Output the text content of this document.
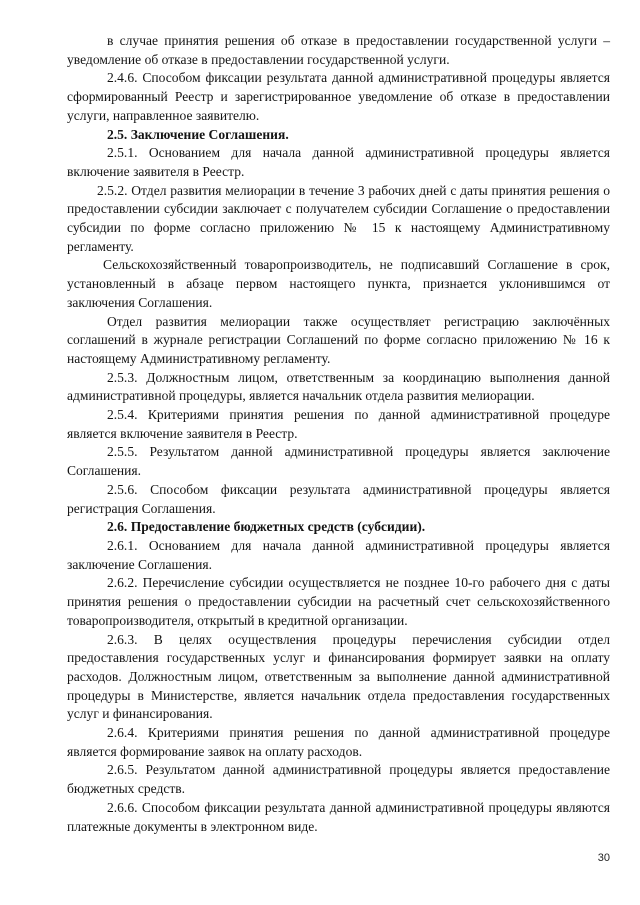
в случае принятия решения об отказе в предоставлении государственной услуги – уведомление об отказе в предоставлении государственной услуги.

2.4.6. Способом фиксации результата данной административной процедуры является сформированный Реестр и зарегистрированное уведомление об отказе в предоставлении услуги, направленное заявителю.

2.5. Заключение Соглашения.

2.5.1. Основанием для начала данной административной процедуры является включение заявителя в Реестр.

2.5.2. Отдел развития мелиорации в течение 3 рабочих дней с даты принятия решения о предоставлении субсидии заключает с получателем субсидии Соглашение о предоставлении субсидии по форме согласно приложению № 15 к настоящему Административному регламенту.

Сельскохозяйственный товаропроизводитель, не подписавший Соглашение в срок, установленный в абзаце первом настоящего пункта, признается уклонившимся от заключения Соглашения.

Отдел развития мелиорации также осуществляет регистрацию заключённых соглашений в журнале регистрации Соглашений по форме согласно приложению № 16 к настоящему Административному регламенту.

2.5.3. Должностным лицом, ответственным за координацию выполнения данной административной процедуры, является начальник отдела развития мелиорации.

2.5.4. Критериями принятия решения по данной административной процедуре является включение заявителя в Реестр.

2.5.5. Результатом данной административной процедуры является заключение Соглашения.

2.5.6. Способом фиксации результата административной процедуры является регистрация Соглашения.

2.6. Предоставление бюджетных средств (субсидии).

2.6.1. Основанием для начала данной административной процедуры является заключение Соглашения.

2.6.2. Перечисление субсидии осуществляется не позднее 10-го рабочего дня с даты принятия решения о предоставлении субсидии на расчетный счет сельскохозяйственного товаропроизводителя, открытый в кредитной организации.

2.6.3. В целях осуществления процедуры перечисления субсидии отдел предоставления государственных услуг и финансирования формирует заявки на оплату расходов. Должностным лицом, ответственным за выполнение данной административной процедуры в Министерстве, является начальник отдела предоставления государственных услуг и финансирования.

2.6.4. Критериями принятия решения по данной административной процедуре является формирование заявок на оплату расходов.

2.6.5. Результатом данной административной процедуры является предоставление бюджетных средств.

2.6.6. Способом фиксации результата данной административной процедуры являются платежные документы в электронном виде.

30
